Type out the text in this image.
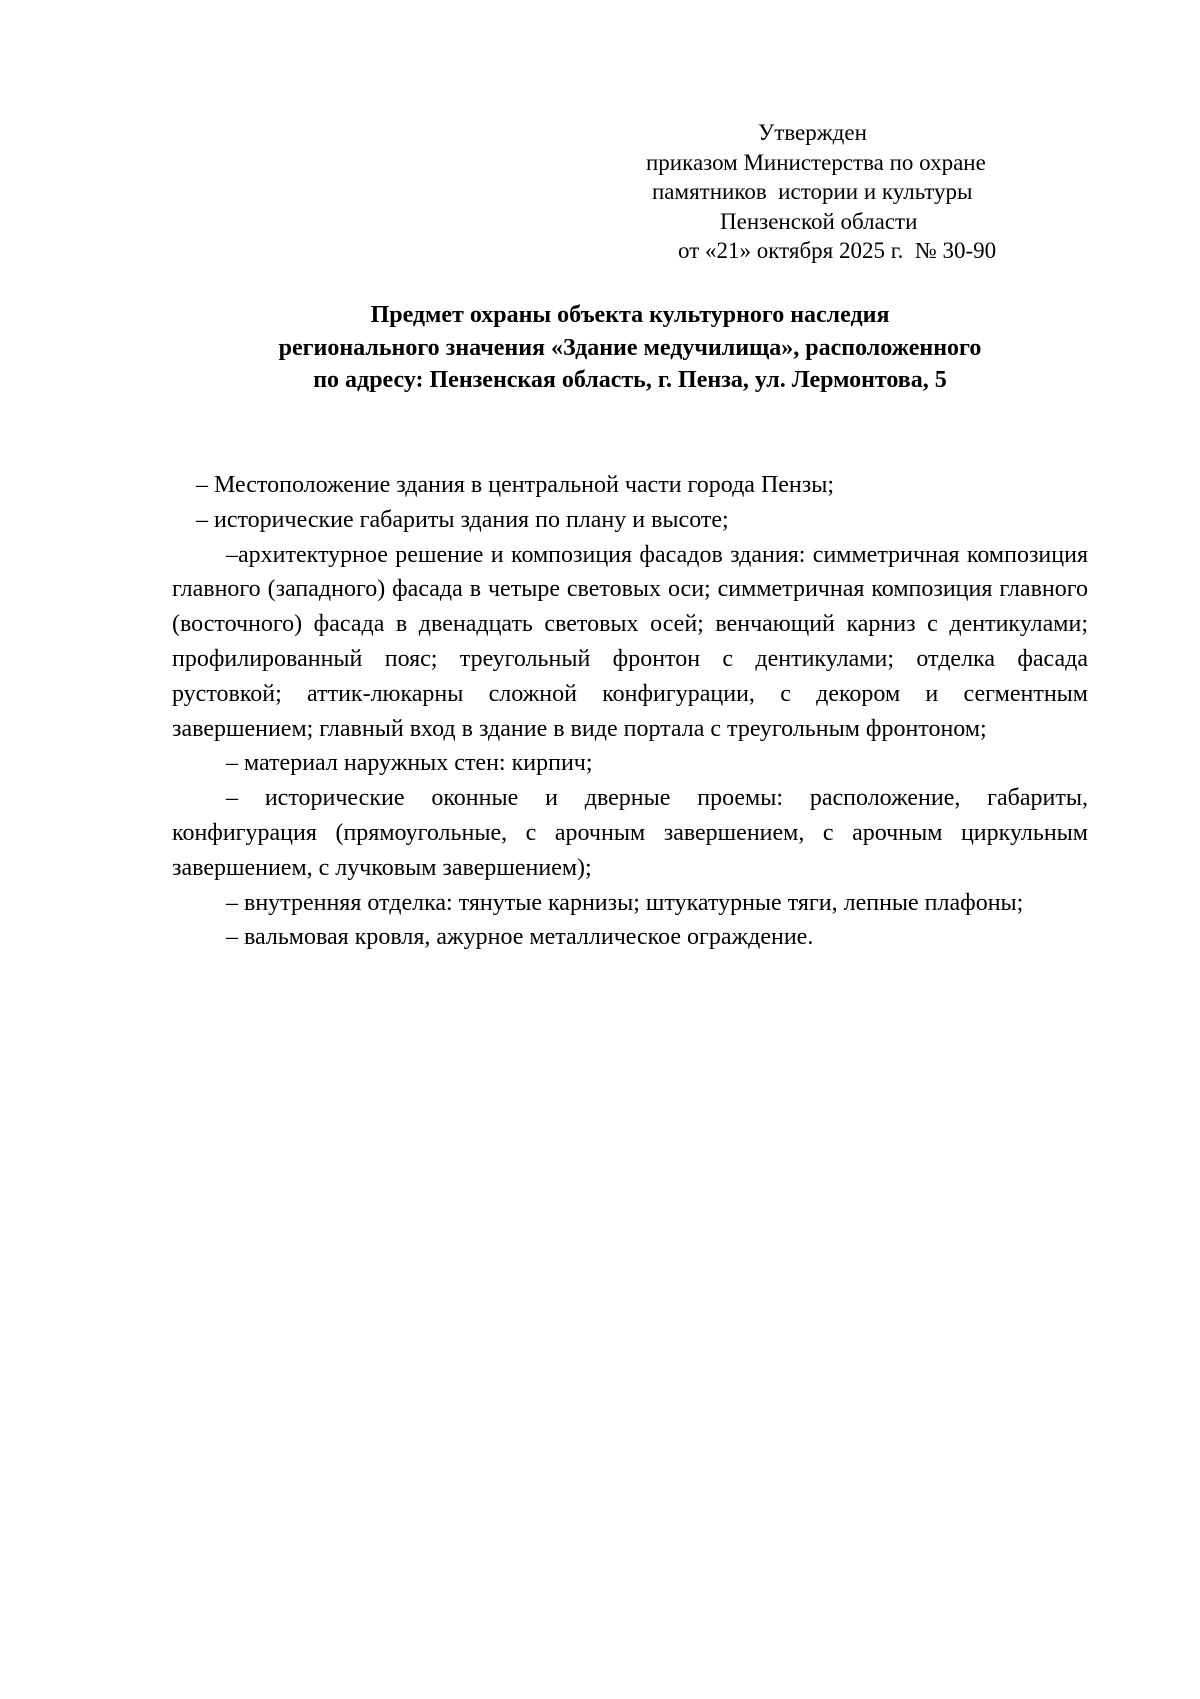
Утвержден
приказом Министерства по охране
памятников  истории и культуры
Пензенской области
от «21» октября 2025 г.  № 30-90
Предмет охраны объекта культурного наследия
регионального значения «Здание медучилища», расположенного
по адресу: Пензенская область, г. Пенза, ул. Лермонтова, 5

– Местоположение здания в центральной части города Пензы;

– исторические габариты здания по плану и высоте;

–архитектурное решение и композиция фасадов здания: симметричная композиция главного (западного) фасада в четыре световых оси; симметричная композиция главного (восточного) фасада в двенадцать световых осей; венчающий карниз с дентикулами; профилированный пояс; треугольный фронтон с дентикулами; отделка фасада рустовкой; аттик-люкарны сложной конфигурации, с декором и сегментным завершением; главный вход в здание в виде портала с треугольным фронтоном;

– материал наружных стен: кирпич;

– исторические оконные и дверные проемы: расположение, габариты, конфигурация (прямоугольные, с арочным завершением, с арочным циркульным завершением, с лучковым завершением);

– внутренняя отделка: тянутые карнизы; штукатурные тяги, лепные плафоны;

– вальмовая кровля, ажурное металлическое ограждение.
